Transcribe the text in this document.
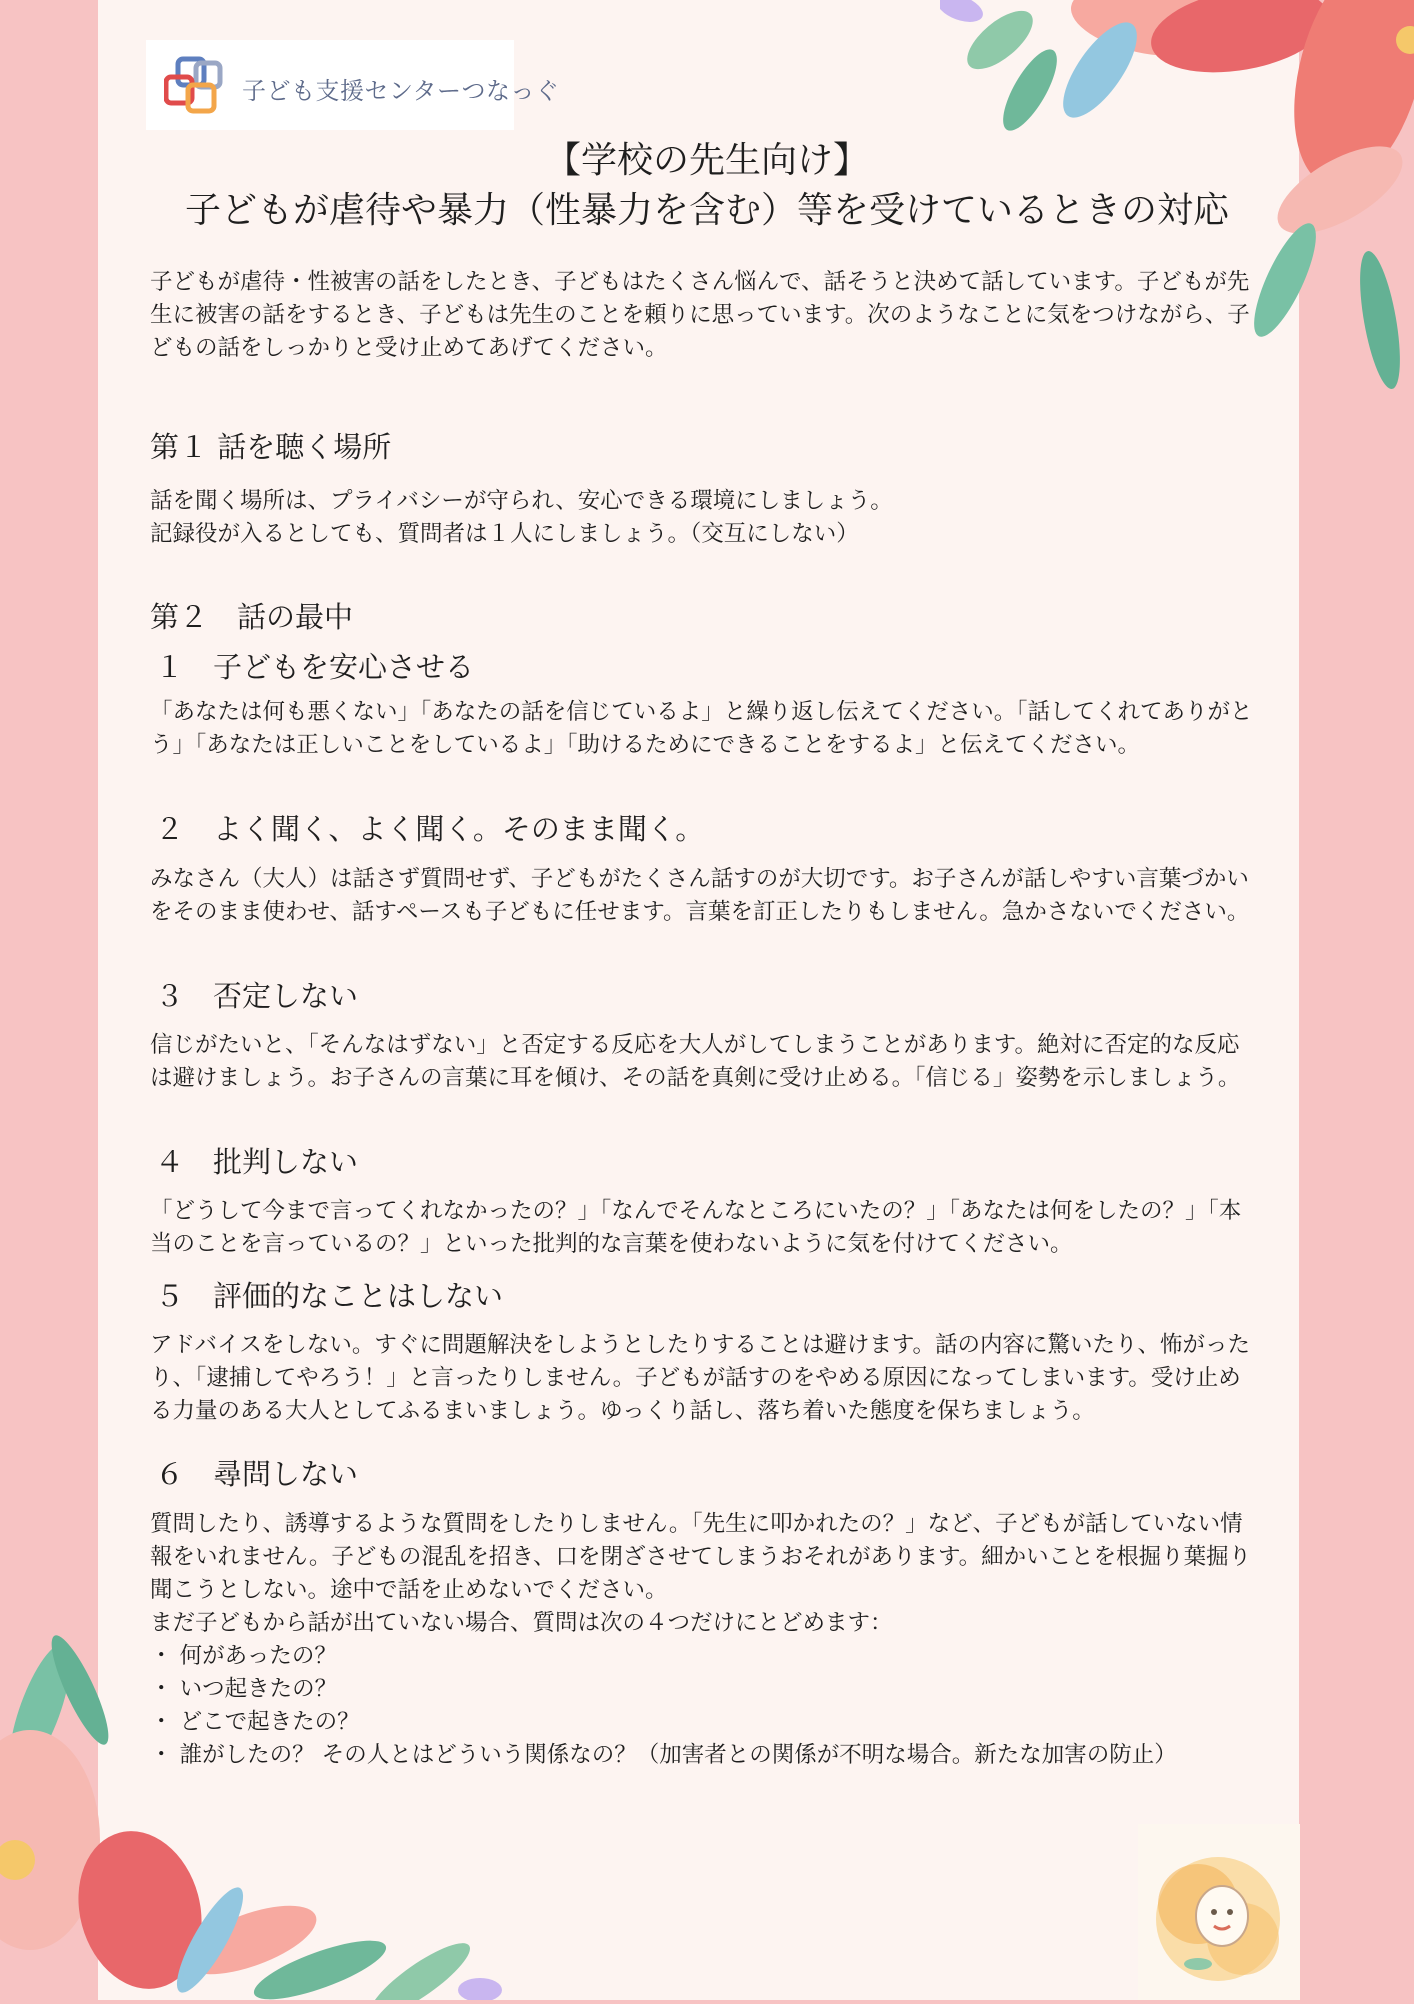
子ども支援センターつなっぐ
【学校の先生向け】
子どもが虐待や暴力（性暴力を含む）等を受けているときの対応
子どもが虐待・性被害の話をしたとき、子どもはたくさん悩んで、話そうと決めて話しています。子どもが先生に被害の話をするとき、子どもは先生のことを頼りに思っています。次のようなことに気をつけながら、子どもの話をしっかりと受け止めてあげてください。
第１ 話を聴く場所
話を聞く場所は、プライバシーが守られ、安心できる環境にしましょう。
記録役が入るとしても、質問者は１人にしましょう。（交互にしない）
第２　話の最中
１　子どもを安心させる
「あなたは何も悪くない」「あなたの話を信じているよ」と繰り返し伝えてください。「話してくれてありがとう」「あなたは正しいことをしているよ」「助けるためにできることをするよ」と伝えてください。
２　よく聞く、よく聞く。そのまま聞く。
みなさん（大人）は話さず質問せず、子どもがたくさん話すのが大切です。お子さんが話しやすい言葉づかいをそのまま使わせ、話すペースも子どもに任せます。言葉を訂正したりもしません。急かさないでください。
３　否定しない
信じがたいと、「そんなはずない」と否定する反応を大人がしてしまうことがあります。絶対に否定的な反応は避けましょう。お子さんの言葉に耳を傾け、その話を真剣に受け止める。「信じる」姿勢を示しましょう。
４　批判しない
「どうして今まで言ってくれなかったの？」「なんでそんなところにいたの？」「あなたは何をしたの？」「本当のことを言っているの？」といった批判的な言葉を使わないように気を付けてください。
５　評価的なことはしない
アドバイスをしない。すぐに問題解決をしようとしたりすることは避けます。話の内容に驚いたり、怖がったり、「逮捕してやろう！」と言ったりしません。子どもが話すのをやめる原因になってしまいます。受け止める力量のある大人としてふるまいましょう。ゆっくり話し、落ち着いた態度を保ちましょう。
６　尋問しない
質問したり、誘導するような質問をしたりしません。「先生に叩かれたの？」など、子どもが話していない情報をいれません。子どもの混乱を招き、口を閉ざさせてしまうおそれがあります。細かいことを根掘り葉掘り聞こうとしない。途中で話を止めないでください。
まだ子どもから話が出ていない場合、質問は次の４つだけにとどめます：
・ 何があったの？
・ いつ起きたの？
・ どこで起きたの？
・ 誰がしたの？ その人とはどういう関係なの？（加害者との関係が不明な場合。新たな加害の防止）
